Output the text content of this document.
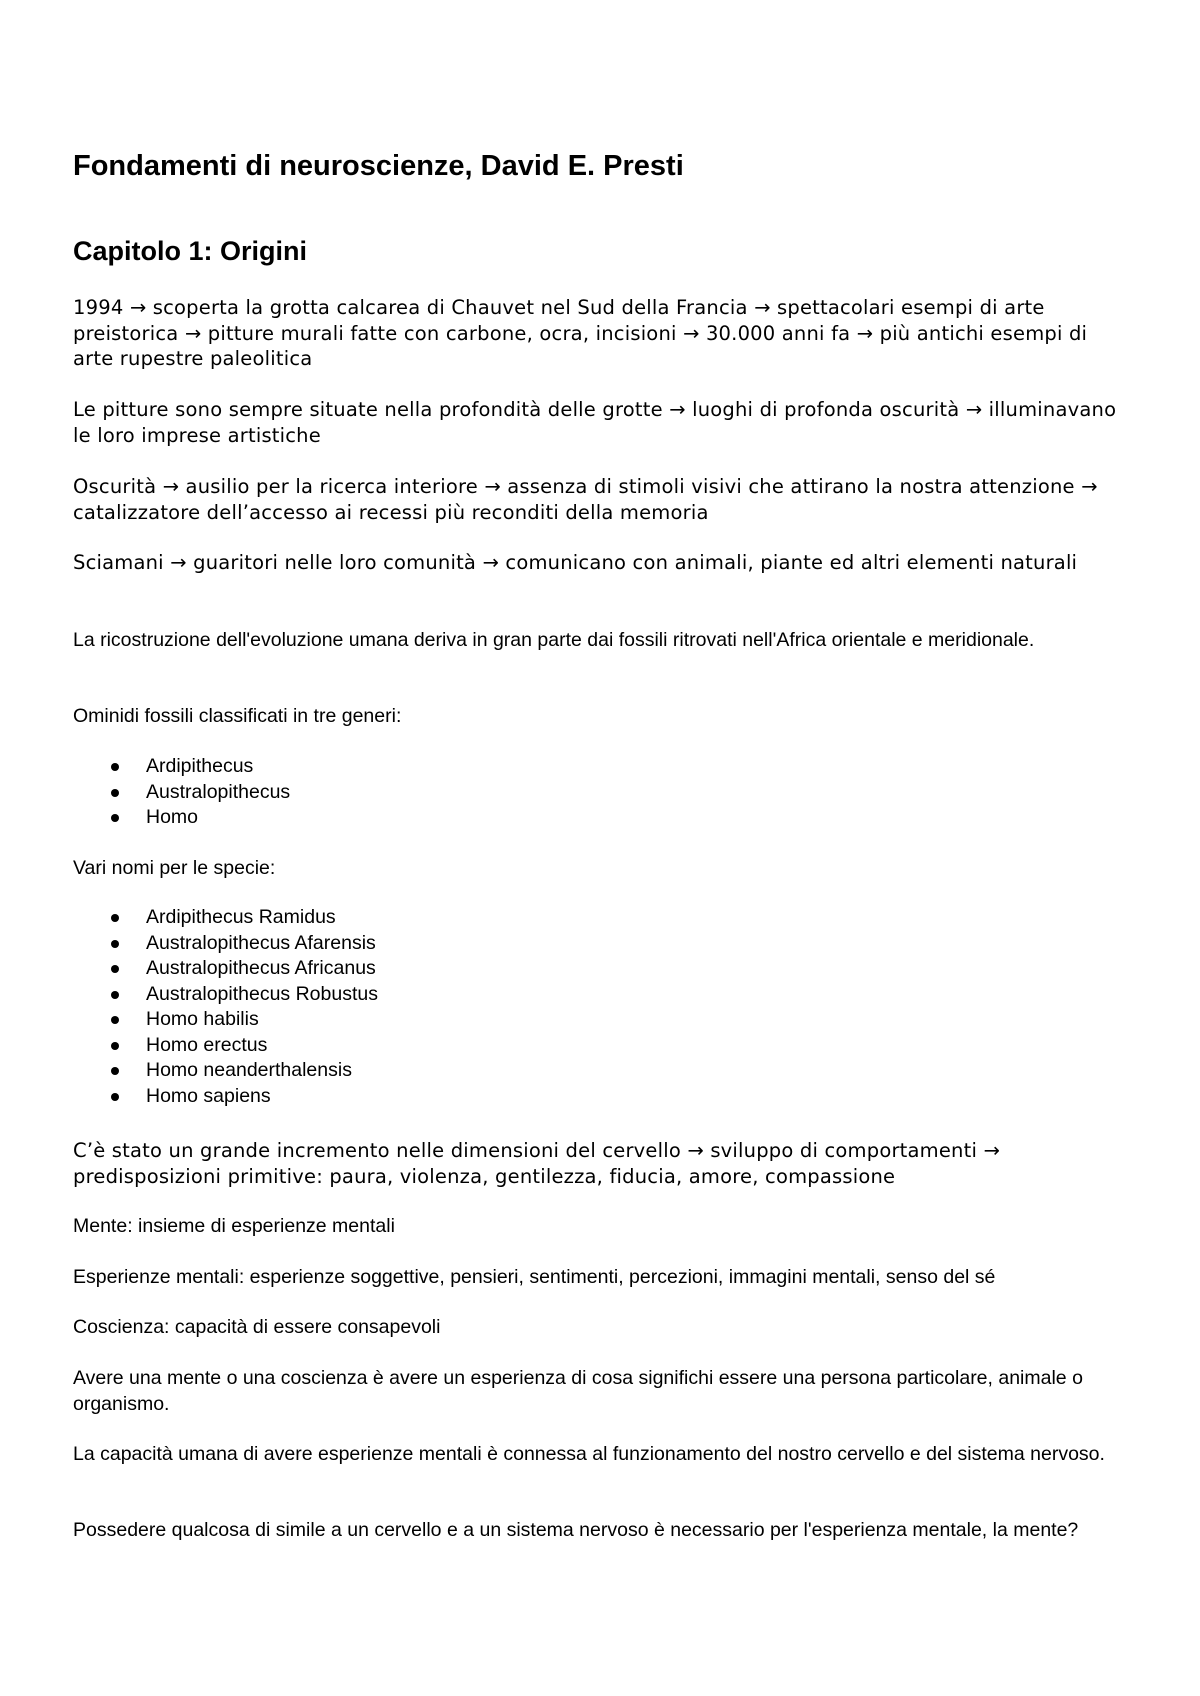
Fondamenti di neuroscienze, David E. Presti
Capitolo 1: Origini

1994 → scoperta la grotta calcarea di Chauvet nel Sud della Francia → spettacolari esempi di arte preistorica → pitture murali fatte con carbone, ocra, incisioni → 30.000 anni fa → più antichi esempi di arte rupestre paleolitica

Le pitture sono sempre situate nella profondità delle grotte → luoghi di profonda oscurità → illuminavano le loro imprese artistiche

Oscurità → ausilio per la ricerca interiore → assenza di stimoli visivi che attirano la nostra attenzione → catalizzatore dell’accesso ai recessi più reconditi della memoria

Sciamani → guaritori nelle loro comunità → comunicano con animali, piante ed altri elementi naturali

La ricostruzione dell'evoluzione umana deriva in gran parte dai fossili ritrovati nell'Africa orientale e meridionale.

Ominidi fossili classificati in tre generi:

Ardipithecus
Australopithecus
Homo

Vari nomi per le specie:

Ardipithecus Ramidus
Australopithecus Afarensis
Australopithecus Africanus
Australopithecus Robustus
Homo habilis
Homo erectus
Homo neanderthalensis
Homo sapiens

C’è stato un grande incremento nelle dimensioni del cervello → sviluppo di comportamenti → predisposizioni primitive: paura, violenza, gentilezza, fiducia, amore, compassione

Mente: insieme di esperienze mentali

Esperienze mentali: esperienze soggettive, pensieri, sentimenti, percezioni, immagini mentali, senso del sé

Coscienza: capacità di essere consapevoli

Avere una mente o una coscienza è avere un esperienza di cosa significhi essere una persona particolare, animale o organismo.

La capacità umana di avere esperienze mentali è connessa al funzionamento del nostro cervello e del sistema nervoso.

Possedere qualcosa di simile a un cervello e a un sistema nervoso è necessario per l'esperienza mentale, la mente?
